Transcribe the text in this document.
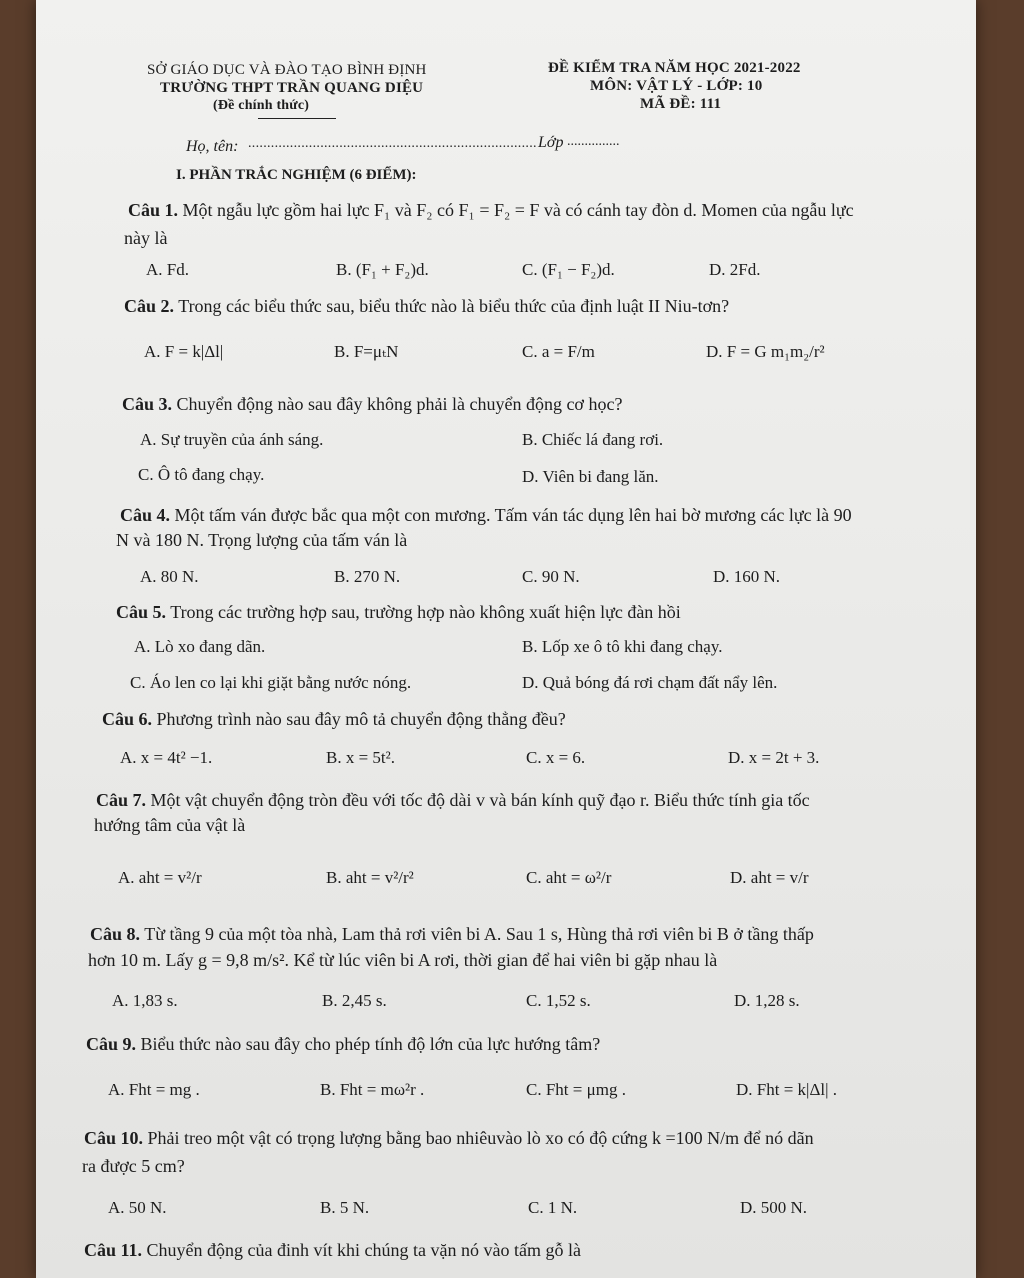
SỞ GIÁO DỤC VÀ ĐÀO TẠO BÌNH ĐỊNH
TRƯỜNG THPT TRẦN QUANG DIỆU
(Đề chính thức)
ĐỀ KIỂM TRA NĂM HỌC 2021-2022
MÔN: VẬT LÝ - LỚP: 10
MÃ ĐỀ: 111
Họ, tên: ............................................................................ Lớp ...............
I. PHẦN TRẮC NGHIỆM (6 ĐIỂM):
Câu 1. Một ngẫu lực gồm hai lực F₁ và F₂ có F₁ = F₂ = F và có cánh tay đòn d. Momen của ngẫu lực
này là
A. Fd.	B. (F₁ + F₂)d.	C. (F₁ − F₂)d.	D. 2Fd.
Câu 2. Trong các biểu thức sau, biểu thức nào là biểu thức của định luật II Niu-tơn?
A. F = k|Δl|	B. F=μₜN	C. a = F/m	D. F = G m₁m₂/r²
Câu 3. Chuyển động nào sau đây không phải là chuyển động cơ học?
A. Sự truyền của ánh sáng.	B. Chiếc lá đang rơi.
C. Ô tô đang chạy.	D. Viên bi đang lăn.
Câu 4. Một tấm ván được bắc qua một con mương. Tấm ván tác dụng lên hai bờ mương các lực là 90
N và 180 N. Trọng lượng của tấm ván là
A. 80 N.	B. 270 N.	C. 90 N.	D. 160 N.
Câu 5. Trong các trường hợp sau, trường hợp nào không xuất hiện lực đàn hồi
A. Lò xo đang dãn.	B. Lốp xe ô tô khi đang chạy.
C. Áo len co lại khi giặt bằng nước nóng.	D. Quả bóng đá rơi chạm đất nẩy lên.
Câu 6. Phương trình nào sau đây mô tả chuyển động thẳng đều?
A. x = 4t² −1.	B. x = 5t².	C. x = 6.	D. x = 2t + 3.
Câu 7. Một vật chuyển động tròn đều với tốc độ dài v và bán kính quỹ đạo r. Biểu thức tính gia tốc
hướng tâm của vật là
A. aht = v²/r	B. aht = v²/r²	C. aht = ω²/r	D. aht = v/r
Câu 8. Từ tầng 9 của một tòa nhà, Lam thả rơi viên bi A. Sau 1 s, Hùng thả rơi viên bi B ở tầng thấp
hơn 10 m. Lấy g = 9,8 m/s². Kể từ lúc viên bi A rơi, thời gian để hai viên bi gặp nhau là
A. 1,83 s.	B. 2,45 s.	C. 1,52 s.	D. 1,28 s.
Câu 9. Biểu thức nào sau đây cho phép tính độ lớn của lực hướng tâm?
A. Fht = mg .	B. Fht = mω²r .	C. Fht = μmg .	D. Fht = k|Δl| .
Câu 10. Phải treo một vật có trọng lượng bằng bao nhiêuvào lò xo có độ cứng k =100 N/m để nó dãn
ra được 5 cm?
A. 50 N.	B. 5 N.	C. 1 N.	D. 500 N.
Câu 11. Chuyển động của đinh vít khi chúng ta vặn nó vào tấm gỗ là
